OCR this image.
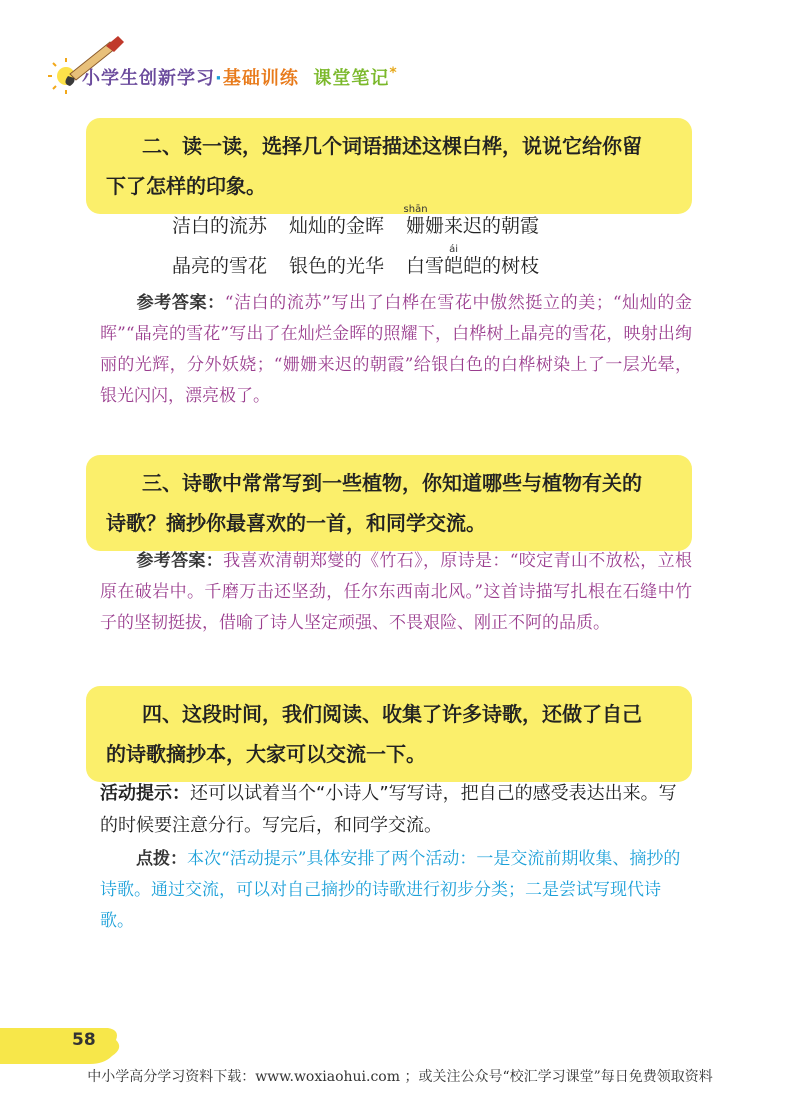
小学生创新学习·基础训练 课堂笔记*
二、读一读，选择几个词语描述这棵白桦，说说它给你留
下了怎样的印象。
洁白的流苏 灿灿的金晖 姗shān姗来迟的朝霞
晶亮的雪花 银色的光华 白雪皑ái皑的树枝
参考答案：“洁白的流苏”写出了白桦在雪花中傲然挺立的美；“灿灿的金晖”“晶亮的雪花”写出了在灿烂金晖的照耀下，白桦树上晶亮的雪花，映射出绚丽的光辉，分外妖娆；“姗姗来迟的朝霞”给银白色的白桦树染上了一层光晕，银光闪闪，漂亮极了。
三、诗歌中常常写到一些植物，你知道哪些与植物有关的
诗歌？摘抄你最喜欢的一首，和同学交流。
参考答案：我喜欢清朝郑燮的《竹石》，原诗是：“咬定青山不放松，立根原在破岩中。千磨万击还坚劲，任尔东西南北风。”这首诗描写扎根在石缝中竹子的坚韧挺拔，借喻了诗人坚定顽强、不畏艰险、刚正不阿的品质。
四、这段时间，我们阅读、收集了许多诗歌，还做了自己
的诗歌摘抄本，大家可以交流一下。
活动提示：还可以试着当个“小诗人”写写诗，把自己的感受表达出来。写的时候要注意分行。写完后，和同学交流。
点拨：本次“活动提示”具体安排了两个活动：一是交流前期收集、摘抄的诗歌。通过交流，可以对自己摘抄的诗歌进行初步分类；二是尝试写现代诗歌。
58
中小学高分学习资料下载：www.woxiaohui.com ；或关注公众号“校汇学习课堂”每日免费领取资料
